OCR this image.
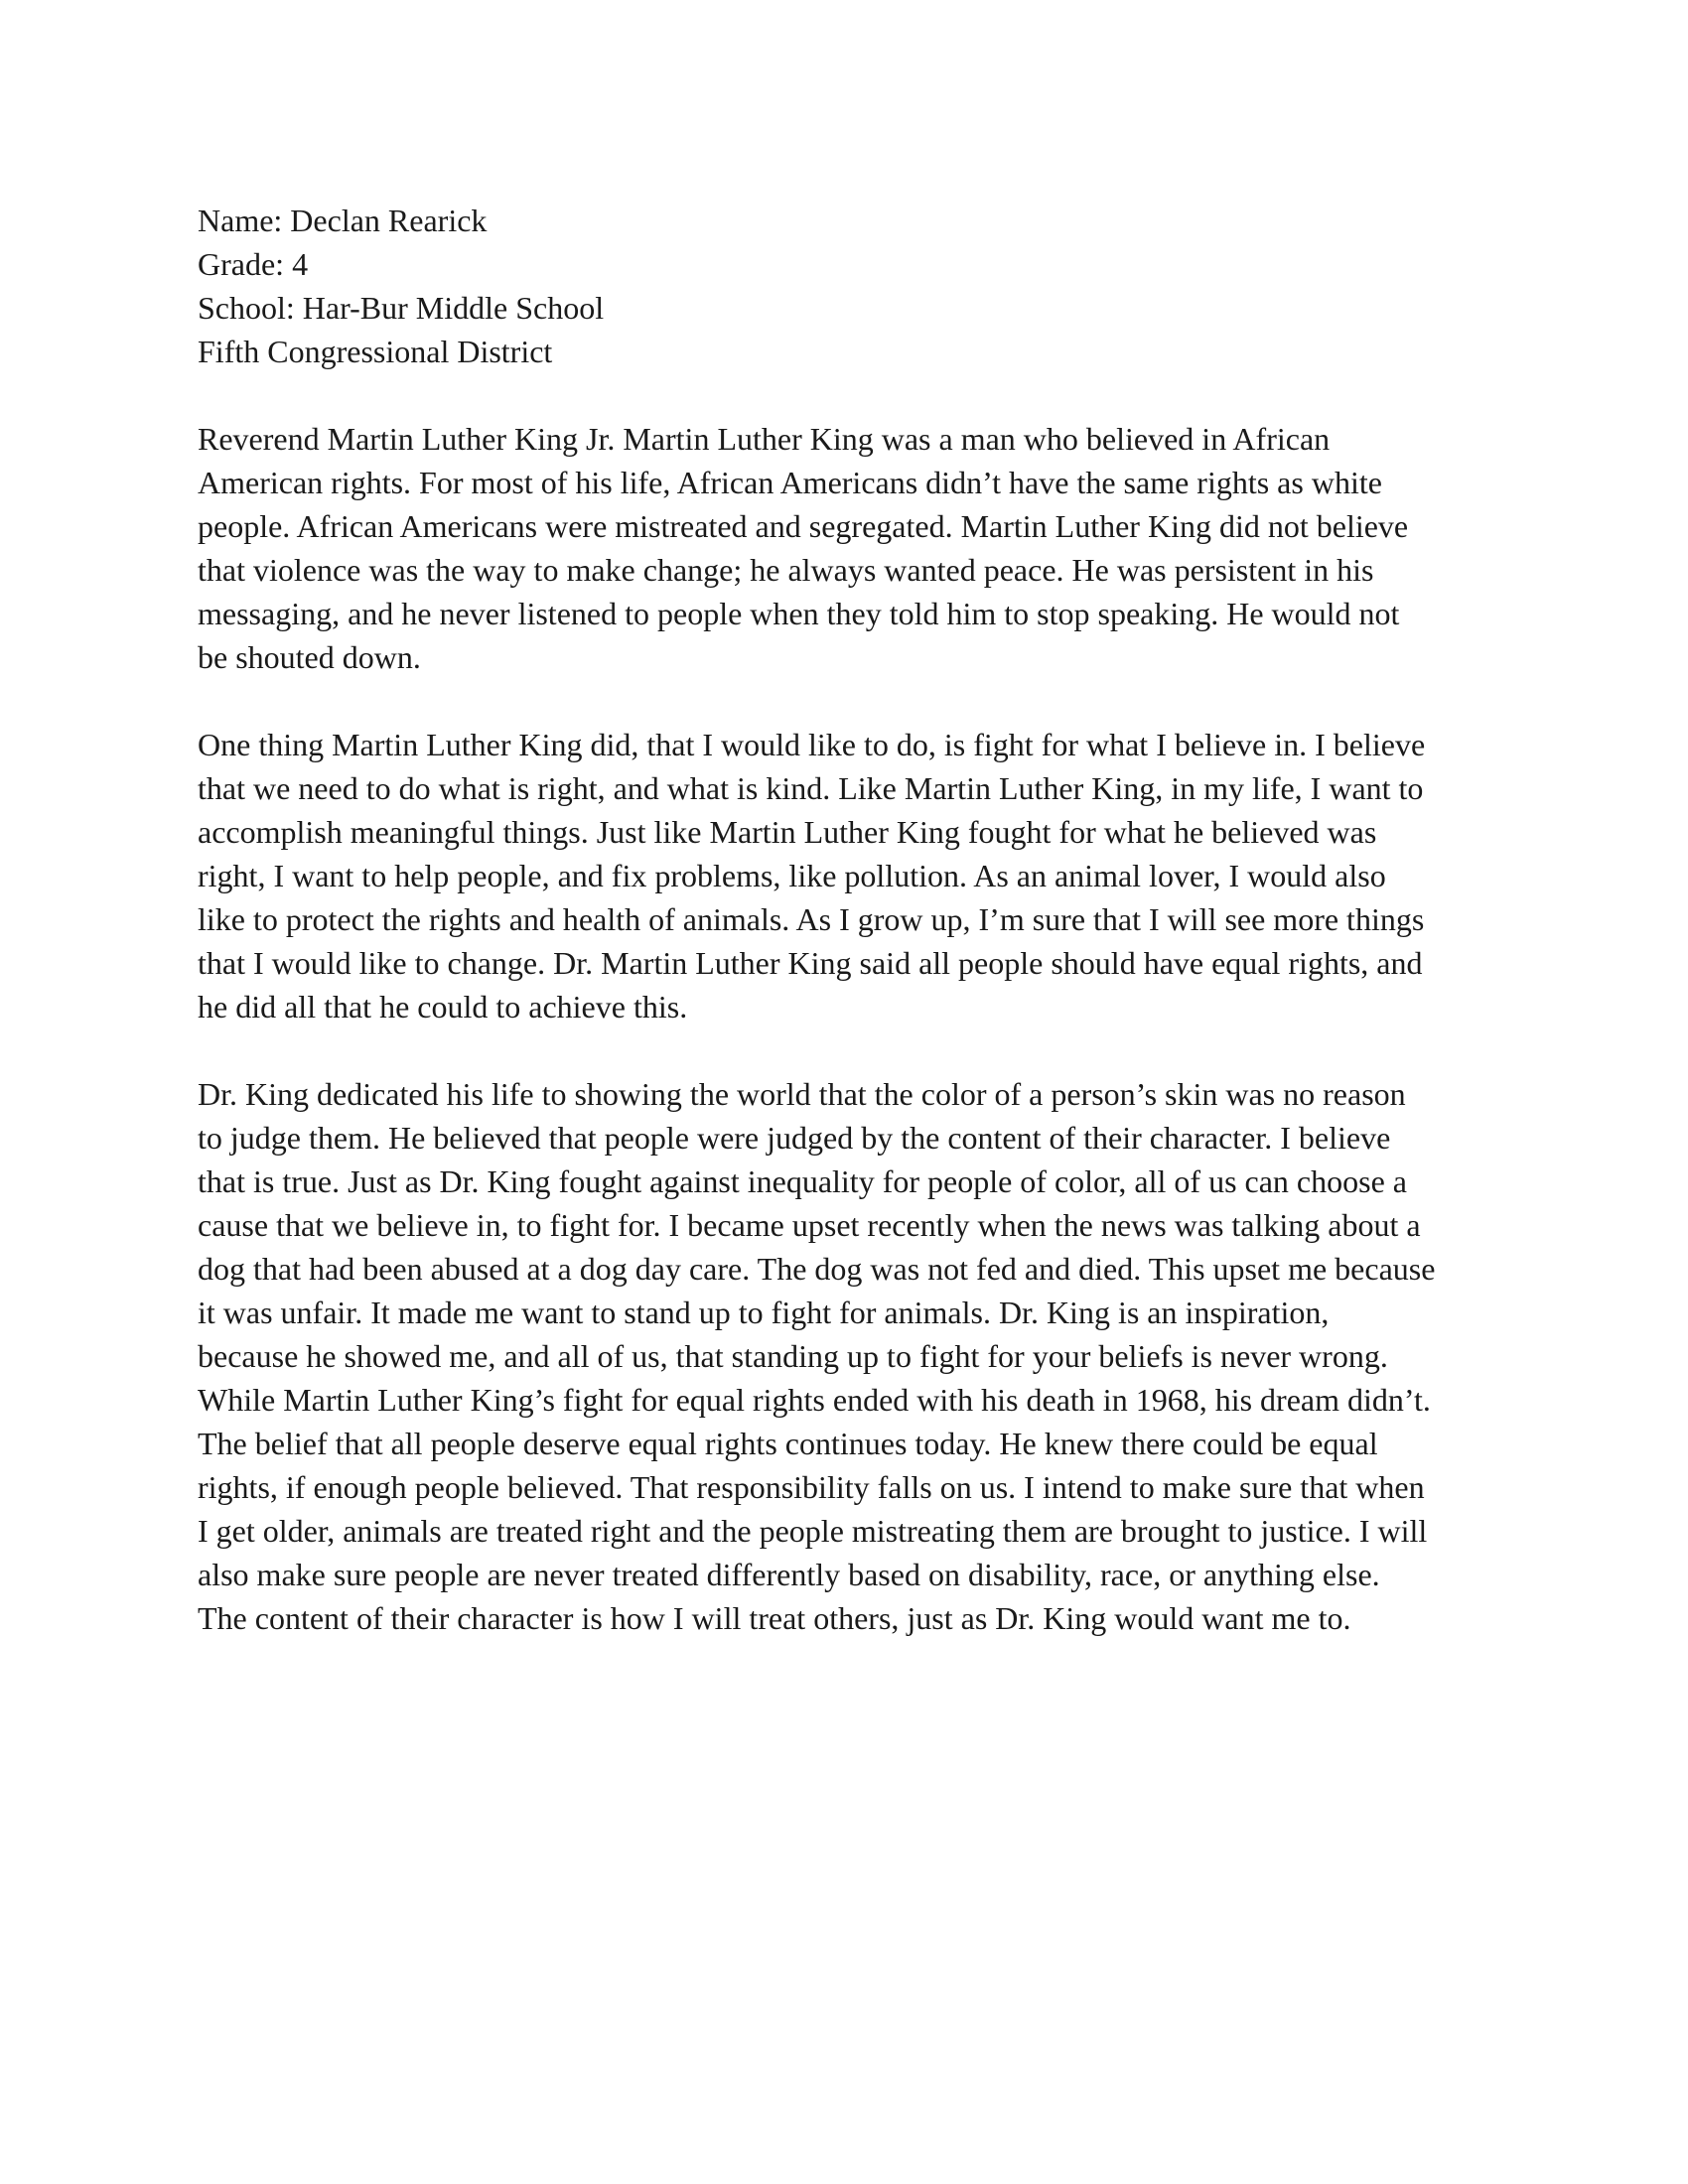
Name: Declan Rearick
Grade: 4
School: Har-Bur Middle School
Fifth Congressional District
Reverend Martin Luther King Jr. Martin Luther King was a man who believed in African
American rights. For most of his life, African Americans didn’t have the same rights as white
people. African Americans were mistreated and segregated. Martin Luther King did not believe
that violence was the way to make change; he always wanted peace. He was persistent in his
messaging, and he never listened to people when they told him to stop speaking. He would not
be shouted down.
One thing Martin Luther King did, that I would like to do, is fight for what I believe in. I believe
that we need to do what is right, and what is kind. Like Martin Luther King, in my life, I want to
accomplish meaningful things. Just like Martin Luther King fought for what he believed was
right, I want to help people, and fix problems, like pollution. As an animal lover, I would also
like to protect the rights and health of animals. As I grow up, I’m sure that I will see more things
that I would like to change. Dr. Martin Luther King said all people should have equal rights, and
he did all that he could to achieve this.
Dr. King dedicated his life to showing the world that the color of a person’s skin was no reason
to judge them. He believed that people were judged by the content of their character. I believe
that is true. Just as Dr. King fought against inequality for people of color, all of us can choose a
cause that we believe in, to fight for. I became upset recently when the news was talking about a
dog that had been abused at a dog day care. The dog was not fed and died. This upset me because
it was unfair. It made me want to stand up to fight for animals. Dr. King is an inspiration,
because he showed me, and all of us, that standing up to fight for your beliefs is never wrong.
While Martin Luther King’s fight for equal rights ended with his death in 1968, his dream didn’t.
The belief that all people deserve equal rights continues today. He knew there could be equal
rights, if enough people believed. That responsibility falls on us. I intend to make sure that when
I get older, animals are treated right and the people mistreating them are brought to justice. I will
also make sure people are never treated differently based on disability, race, or anything else.
The content of their character is how I will treat others, just as Dr. King would want me to.
